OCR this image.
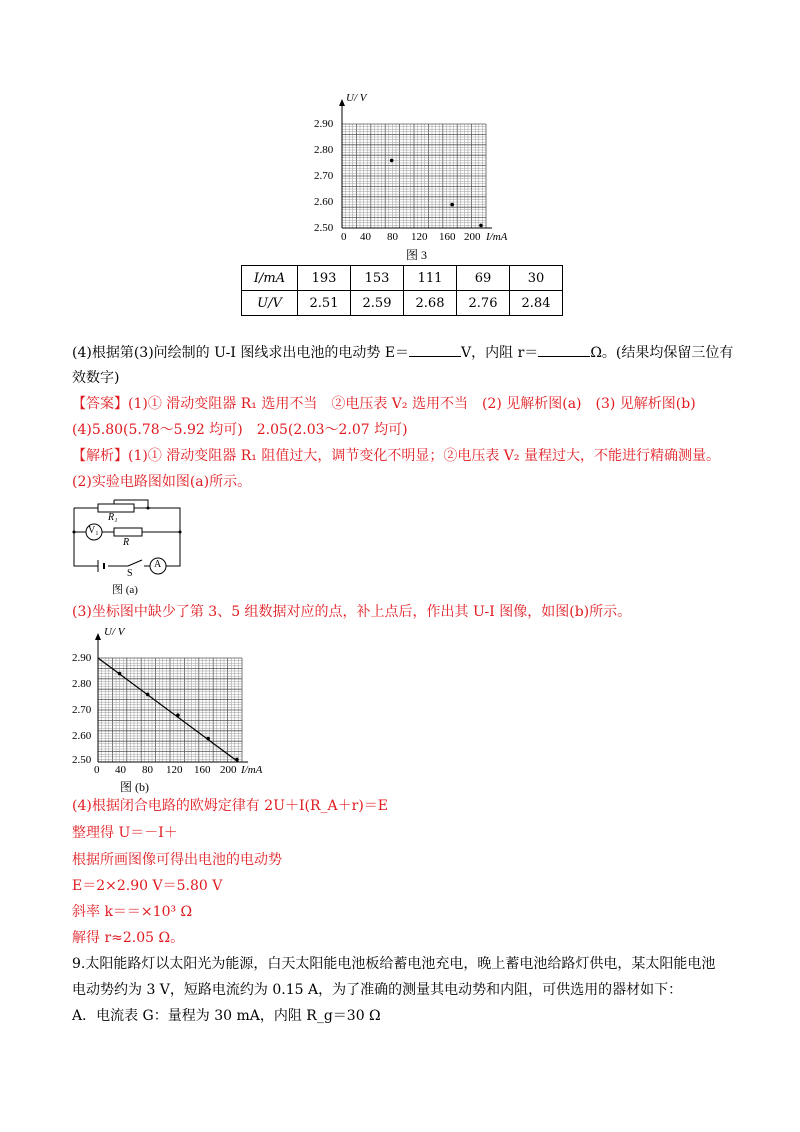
U/ V
2.90
2.80
2.70
2.60
2.50
0 40 80 120 160 200 I/mA
图 3
I/mA	193	153	111	69	30
U/V	2.51	2.59	2.68	2.76	2.84
(4)根据第(3)问绘制的 U-I 图线求出电池的电动势 E＝	V，内阻 r＝	Ω。(结果均保留三位有
效数字)
【答案】(1)① 滑动变阻器 R₁ 选用不当　②电压表 V₂ 选用不当　(2) 见解析图(a)　(3) 见解析图(b)
(4)5.80(5.78～5.92 均可)　2.05(2.03～2.07 均可)
【解析】(1)① 滑动变阻器 R₁ 阻值过大，调节变化不明显；②电压表 V₂ 量程过大，不能进行精确测量。
(2)实验电路图如图(a)所示。
R₁
V₁
R
S
A
图 (a)
(3)坐标图中缺少了第 3、5 组数据对应的点，补上点后，作出其 U-I 图像，如图(b)所示。
U/ V
2.90
2.80
2.70
2.60
2.50
0 40 80 120 160 200 I/mA
图 (b)
(4)根据闭合电路的欧姆定律有 2U＋I(R_A＋r)＝E
整理得 U＝－I＋
根据所画图像可得出电池的电动势
E＝2×2.90 V＝5.80 V
斜率 k＝＝×10³ Ω
解得 r≈2.05 Ω。
9.太阳能路灯以太阳光为能源，白天太阳能电池板给蓄电池充电，晚上蓄电池给路灯供电，某太阳能电池
电动势约为 3 V，短路电流约为 0.15 A，为了准确的测量其电动势和内阻，可供选用的器材如下：
A．电流表 G：量程为 30 mA，内阻 R_g＝30 Ω
